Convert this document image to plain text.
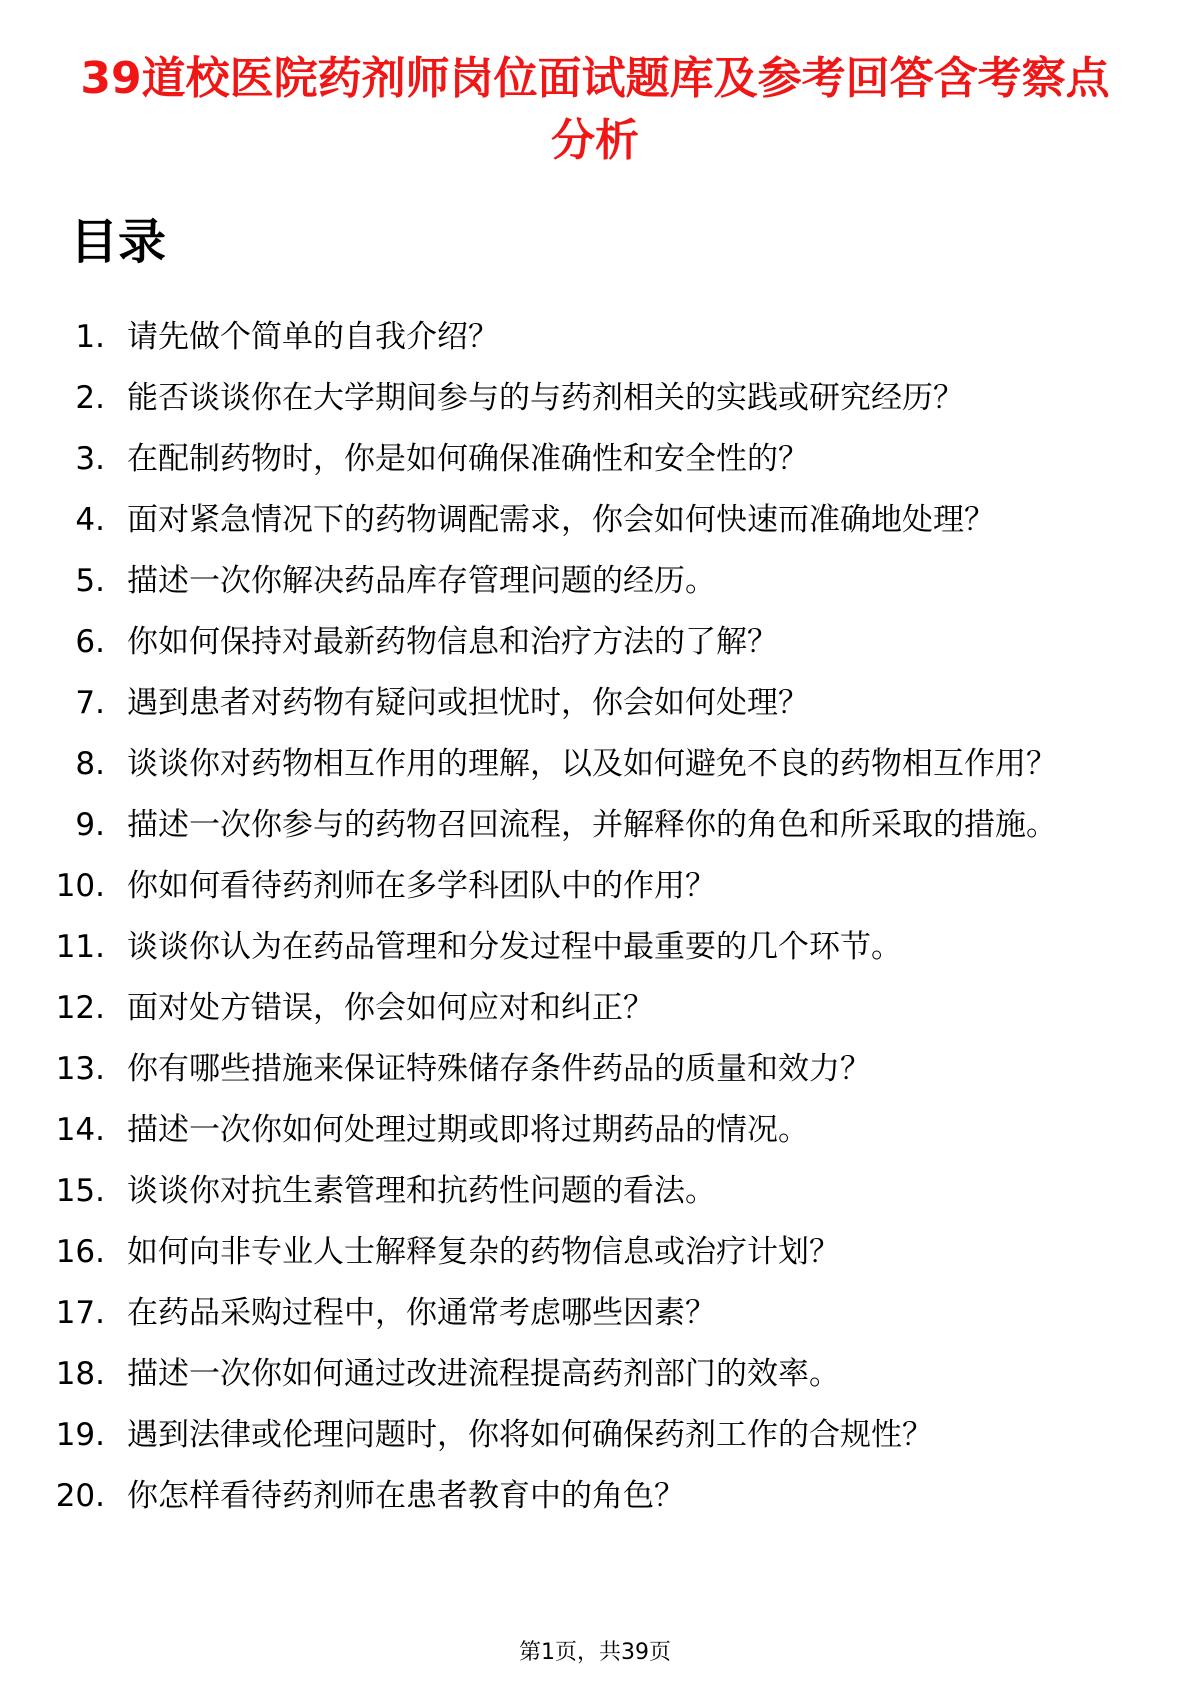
39道校医院药剂师岗位面试题库及参考回答含考察点分析
目录
1. 请先做个简单的自我介绍？
2. 能否谈谈你在大学期间参与的与药剂相关的实践或研究经历？
3. 在配制药物时，你是如何确保准确性和安全性的？
4. 面对紧急情况下的药物调配需求，你会如何快速而准确地处理？
5. 描述一次你解决药品库存管理问题的经历。
6. 你如何保持对最新药物信息和治疗方法的了解？
7. 遇到患者对药物有疑问或担忧时，你会如何处理？
8. 谈谈你对药物相互作用的理解，以及如何避免不良的药物相互作用？
9. 描述一次你参与的药物召回流程，并解释你的角色和所采取的措施。
10. 你如何看待药剂师在多学科团队中的作用？
11. 谈谈你认为在药品管理和分发过程中最重要的几个环节。
12. 面对处方错误，你会如何应对和纠正？
13. 你有哪些措施来保证特殊储存条件药品的质量和效力？
14. 描述一次你如何处理过期或即将过期药品的情况。
15. 谈谈你对抗生素管理和抗药性问题的看法。
16. 如何向非专业人士解释复杂的药物信息或治疗计划？
17. 在药品采购过程中，你通常考虑哪些因素？
18. 描述一次你如何通过改进流程提高药剂部门的效率。
19. 遇到法律或伦理问题时，你将如何确保药剂工作的合规性？
20. 你怎样看待药剂师在患者教育中的角色？
第1页，共39页
